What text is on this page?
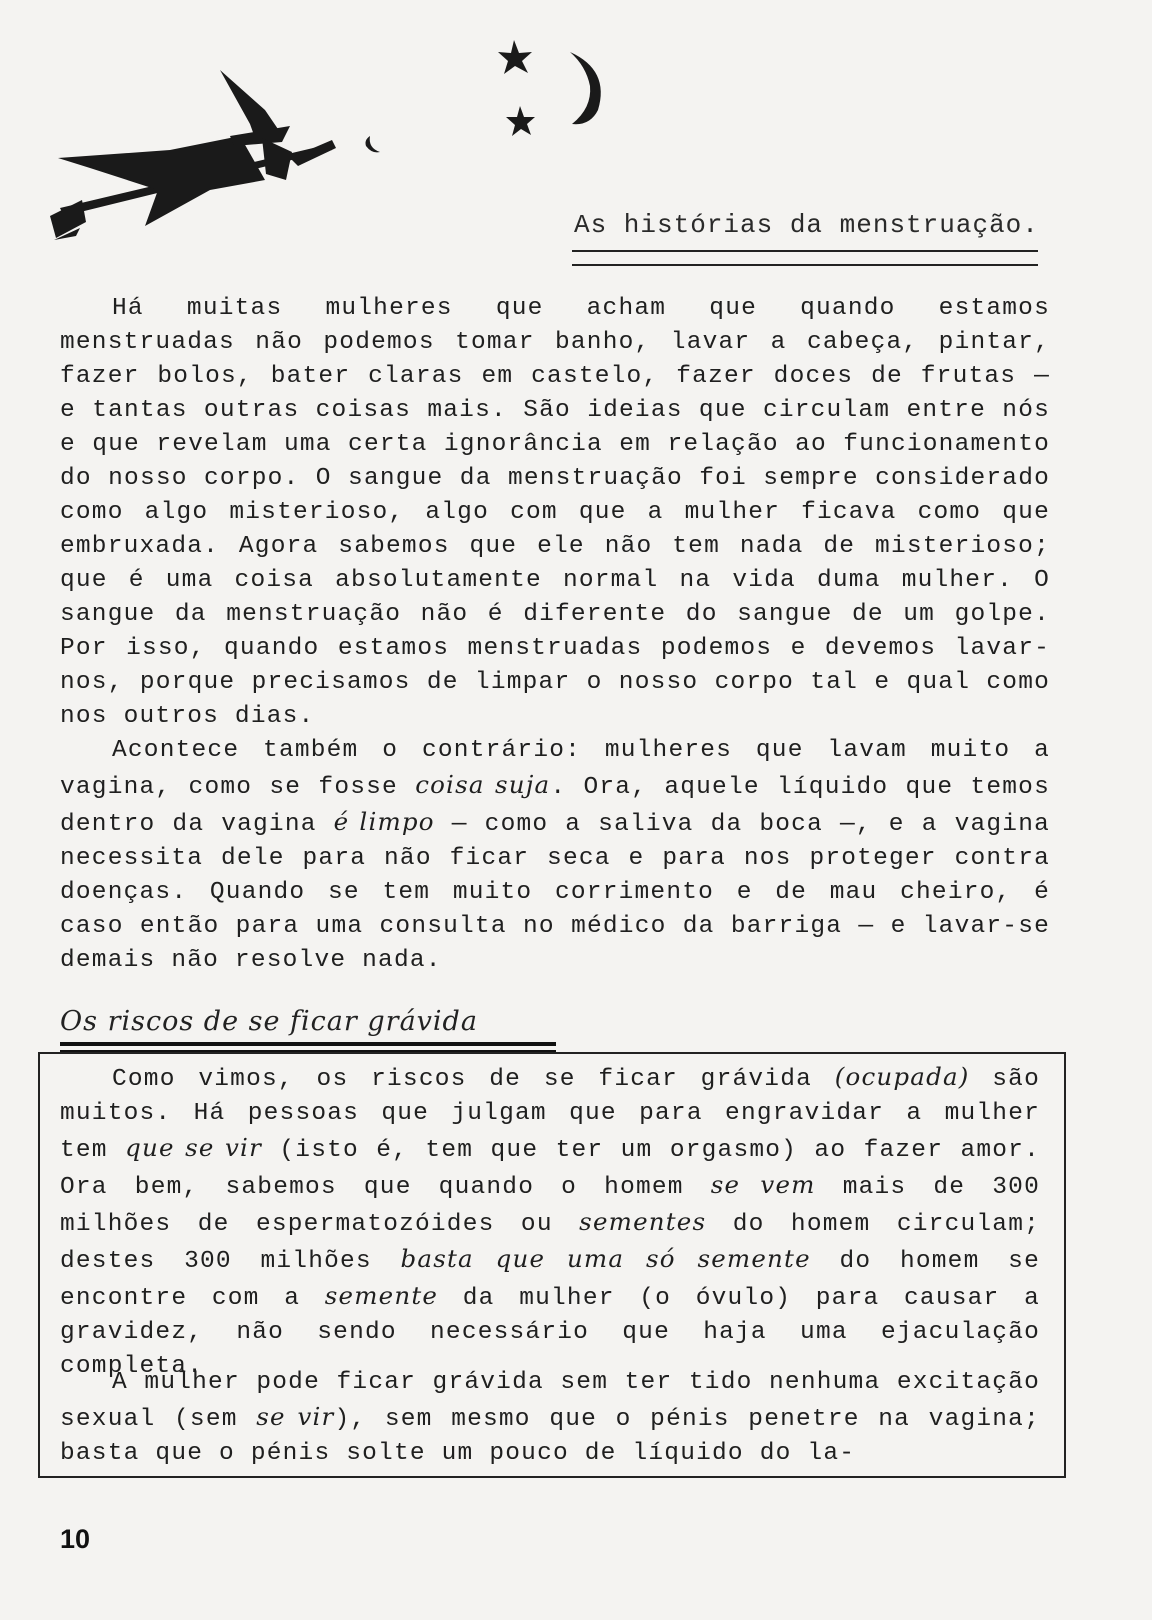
As histórias da menstruação.

Há muitas mulheres que acham que quando estamos menstruadas não podemos tomar banho, lavar a cabeça, pintar, fazer bolos, bater claras em castelo, fazer doces de frutas — e tantas outras coisas mais. São ideias que circulam entre nós e que revelam uma certa ignorância em relação ao funcionamento do nosso corpo. O sangue da menstruação foi sempre considerado como algo misterioso, algo com que a mulher ficava como que embruxada. Agora sabemos que ele não tem nada de misterioso; que é uma coisa absolutamente normal na vida duma mulher. O sangue da menstruação não é diferente do sangue de um golpe. Por isso, quando estamos menstruadas podemos e devemos lavar-nos, porque precisamos de limpar o nosso corpo tal e qual como nos outros dias.

Acontece também o contrário: mulheres que lavam muito a vagina, como se fosse coisa suja. Ora, aquele líquido que temos dentro da vagina é limpo — como a saliva da boca —, e a vagina necessita dele para não ficar seca e para nos proteger contra doenças. Quando se tem muito corrimento e de mau cheiro, é caso então para uma consulta no médico da barriga — e lavar-se demais não resolve nada.

Os riscos de se ficar grávida

Como vimos, os riscos de se ficar grávida (ocupada) são muitos. Há pessoas que julgam que para engravidar a mulher tem que se vir (isto é, tem que ter um orgasmo) ao fazer amor. Ora bem, sabemos que quando o homem se vem mais de 300 milhões de espermatozóides ou sementes do homem circulam; destes 300 milhões basta que uma só semente do homem se encontre com a semente da mulher (o óvulo) para causar a gravidez, não sendo necessário que haja uma ejaculação completa.

A mulher pode ficar grávida sem ter tido nenhuma excitação sexual (sem se vir), sem mesmo que o pénis penetre na vagina; basta que o pénis solte um pouco de líquido do la-

10
